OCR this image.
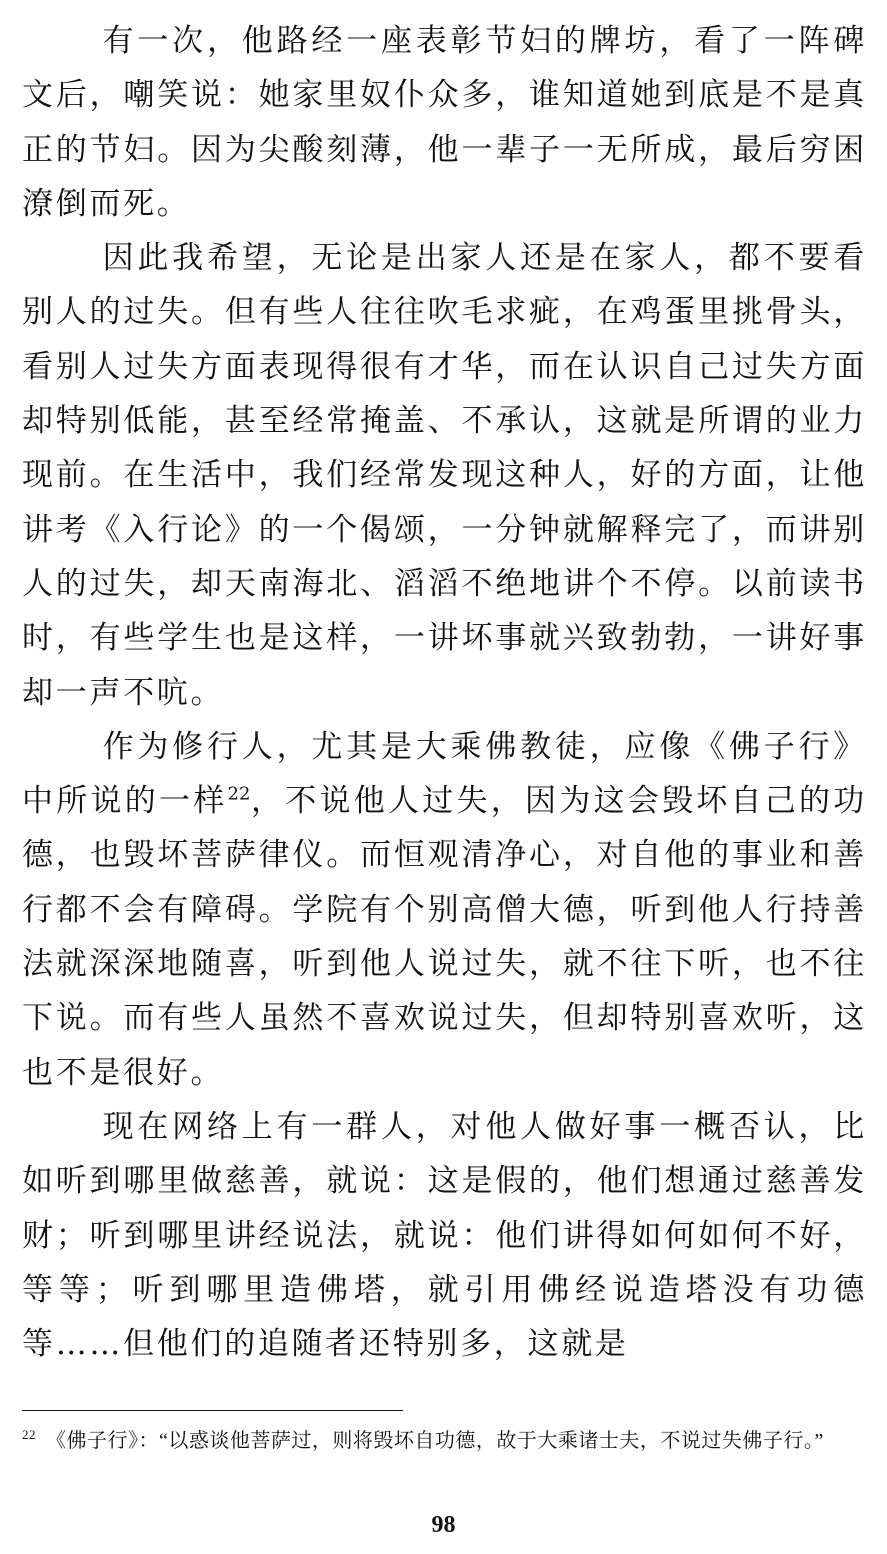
有一次，他路经一座表彰节妇的牌坊，看了一阵碑文后，嘲笑说：她家里奴仆众多，谁知道她到底是不是真正的节妇。因为尖酸刻薄，他一辈子一无所成，最后穷困潦倒而死。

因此我希望，无论是出家人还是在家人，都不要看别人的过失。但有些人往往吹毛求疵，在鸡蛋里挑骨头，看别人过失方面表现得很有才华，而在认识自己过失方面却特别低能，甚至经常掩盖、不承认，这就是所谓的业力现前。在生活中，我们经常发现这种人，好的方面，让他讲考《入行论》的一个偈颂，一分钟就解释完了，而讲别人的过失，却天南海北、滔滔不绝地讲个不停。以前读书时，有些学生也是这样，一讲坏事就兴致勃勃，一讲好事却一声不吭。

作为修行人，尤其是大乘佛教徒，应像《佛子行》中所说的一样$^{22}$，不说他人过失，因为这会毁坏自己的功德，也毁坏菩萨律仪。而恒观清净心，对自他的事业和善行都不会有障碍。学院有个别高僧大德，听到他人行持善法就深深地随喜，听到他人说过失，就不往下听，也不往下说。而有些人虽然不喜欢说过失，但却特别喜欢听，这也不是很好。

现在网络上有一群人，对他人做好事一概否认，比如听到哪里做慈善，就说：这是假的，他们想通过慈善发财；听到哪里讲经说法，就说：他们讲得如何如何不好，等等；听到哪里造佛塔，就引用佛经说造塔没有功德等……但他们的追随者还特别多，这就是

$^{22}$ 《佛子行》：“以惑谈他菩萨过，则将毁坏自功德，故于大乘诸士夫，不说过失佛子行。”

98
